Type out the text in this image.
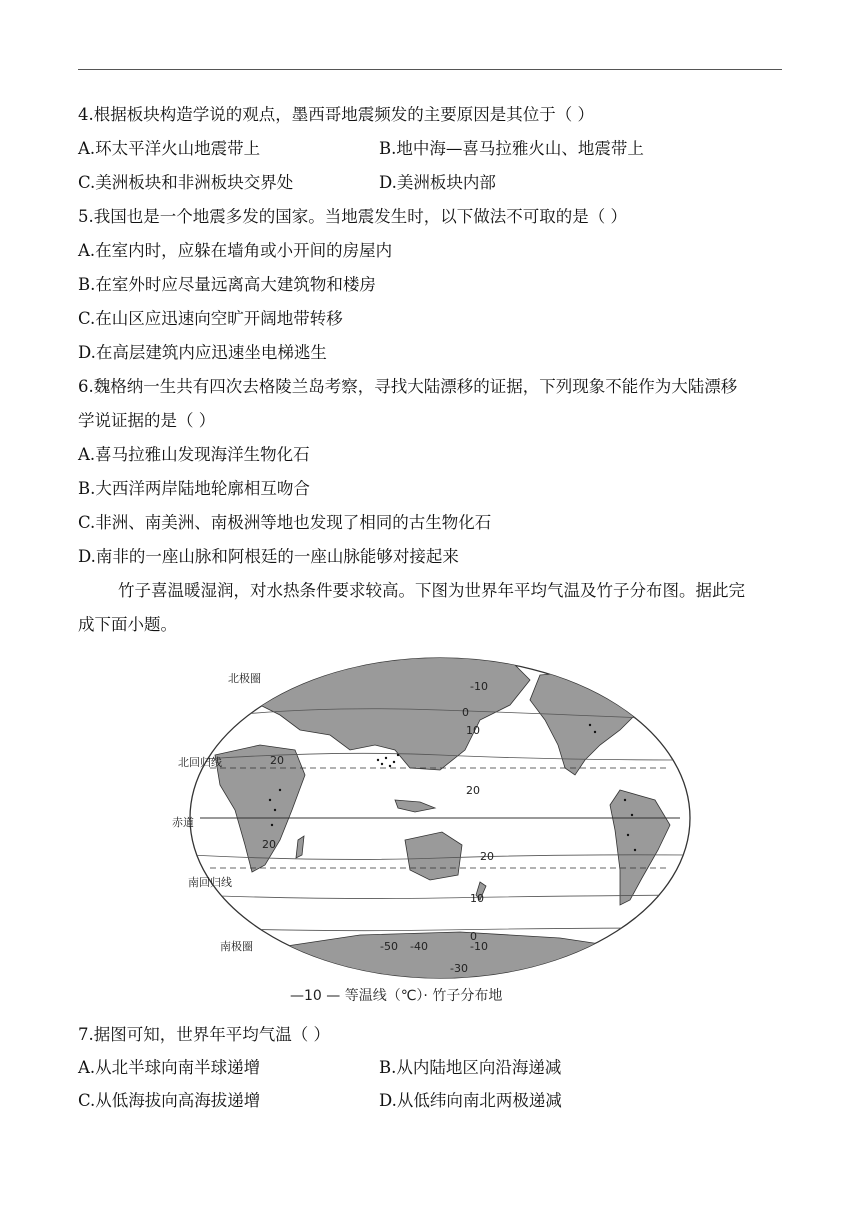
4.根据板块构造学说的观点，墨西哥地震频发的主要原因是其位于（ ）
A.环太平洋火山地震带上	B.地中海—喜马拉雅火山、地震带上
C.美洲板块和非洲板块交界处	D.美洲板块内部
5.我国也是一个地震多发的国家。当地震发生时，以下做法不可取的是（ ）
A.在室内时，应躲在墙角或小开间的房屋内
B.在室外时应尽量远离高大建筑物和楼房
C.在山区应迅速向空旷开阔地带转移
D.在高层建筑内应迅速坐电梯逃生
6.魏格纳一生共有四次去格陵兰岛考察，寻找大陆漂移的证据，下列现象不能作为大陆漂移
学说证据的是（ ）
A.喜马拉雅山发现海洋生物化石
B.大西洋两岸陆地轮廓相互吻合
C.非洲、南美洲、南极洲等地也发现了相同的古生物化石
D.南非的一座山脉和阿根廷的一座山脉能够对接起来
竹子喜温暖湿润，对水热条件要求较高。下图为世界年平均气温及竹子分布图。据此完
成下面小题。
北极圈
北回归线
赤道
南回归线
南极圈
-10
0
10
20
20
20
20
10
0
-10
-30
-40
-50
—10 — 等温线（℃）· 竹子分布地
7.据图可知，世界年平均气温（ ）
A.从北半球向南半球递增	B.从内陆地区向沿海递减
C.从低海拔向高海拔递增	D.从低纬向南北两极递减
